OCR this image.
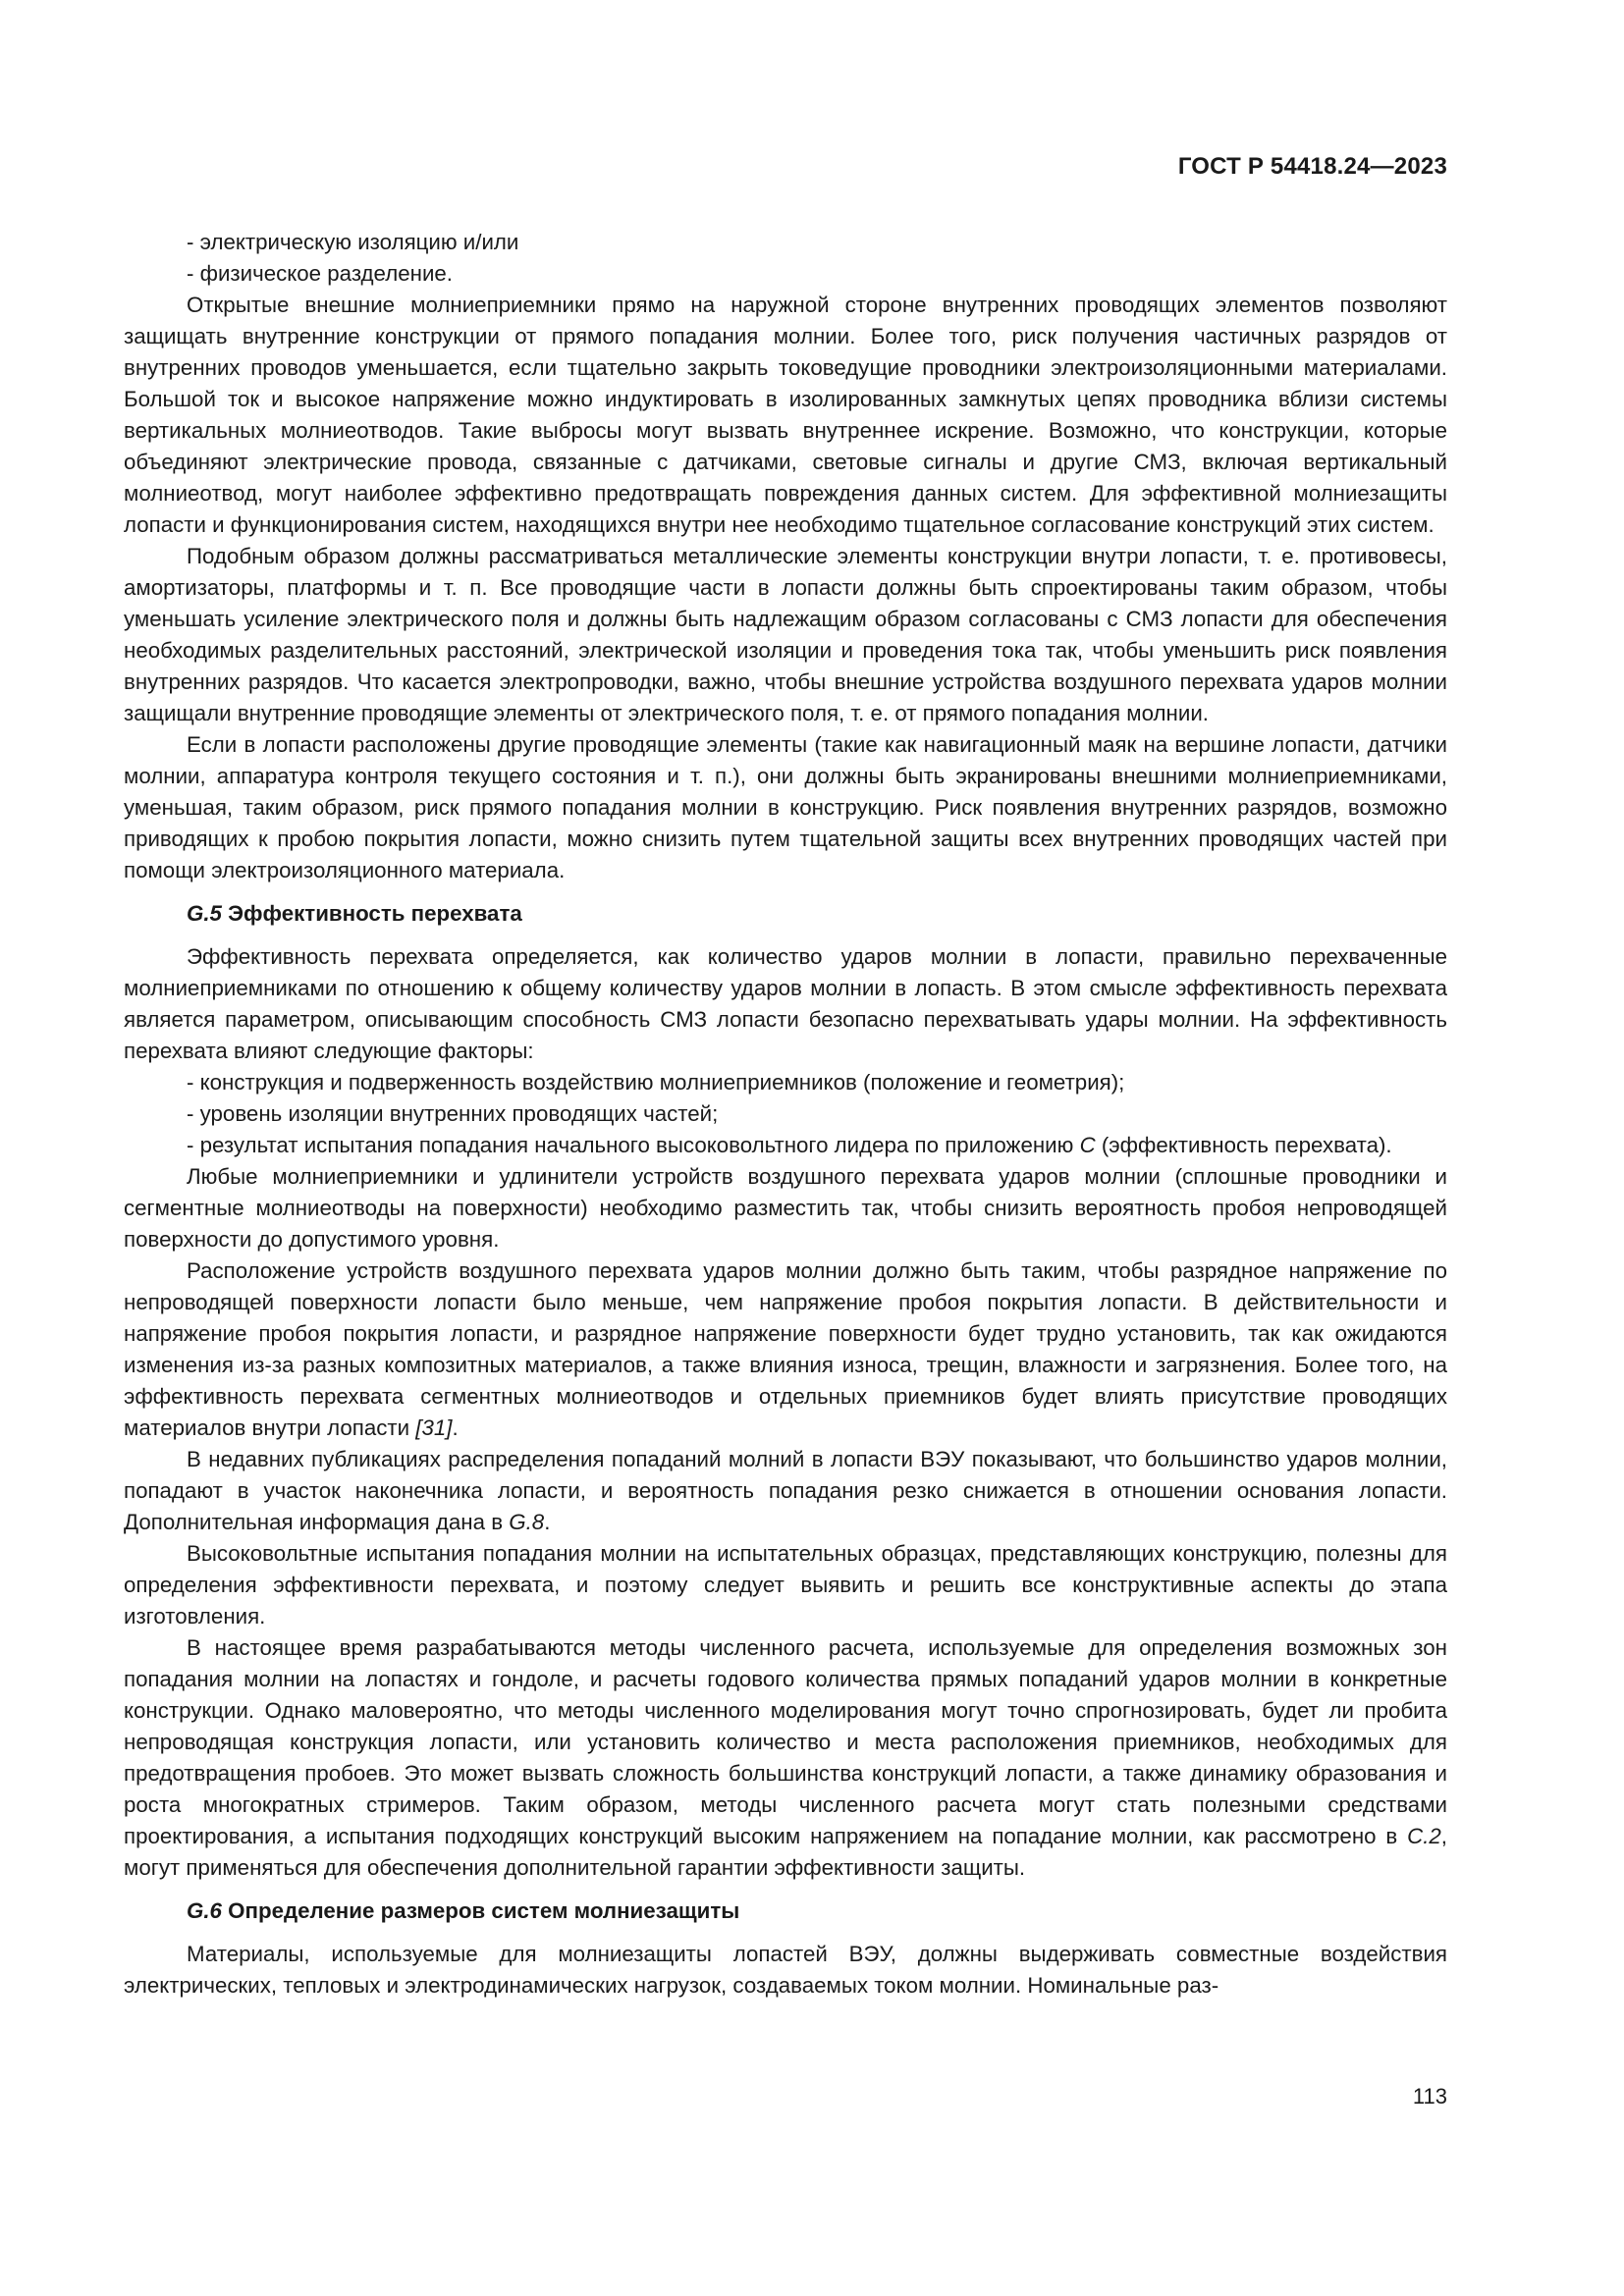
ГОСТ Р 54418.24—2023

- электрическую изоляцию и/или

- физическое разделение.

Открытые внешние молниеприемники прямо на наружной стороне внутренних проводящих элементов позволяют защищать внутренние конструкции от прямого попадания молнии. Более того, риск получения частичных разрядов от внутренних проводов уменьшается, если тщательно закрыть токоведущие проводники электроизоляционными материалами. Большой ток и высокое напряжение можно индуктировать в изолированных замкнутых цепях проводника вблизи системы вертикальных молниеотводов. Такие выбросы могут вызвать внутреннее искрение. Возможно, что конструкции, которые объединяют электрические провода, связанные с датчиками, световые сигналы и другие СМЗ, включая вертикальный молниеотвод, могут наиболее эффективно предотвращать повреждения данных систем. Для эффективной молниезащиты лопасти и функционирования систем, находящихся внутри нее необходимо тщательное согласование конструкций этих систем.

Подобным образом должны рассматриваться металлические элементы конструкции внутри лопасти, т. е. противовесы, амортизаторы, платформы и т. п. Все проводящие части в лопасти должны быть спроектированы таким образом, чтобы уменьшать усиление электрического поля и должны быть надлежащим образом согласованы с СМЗ лопасти для обеспечения необходимых разделительных расстояний, электрической изоляции и проведения тока так, чтобы уменьшить риск появления внутренних разрядов. Что касается электропроводки, важно, чтобы внешние устройства воздушного перехвата ударов молнии защищали внутренние проводящие элементы от электрического поля, т. е. от прямого попадания молнии.

Если в лопасти расположены другие проводящие элементы (такие как навигационный маяк на вершине лопасти, датчики молнии, аппаратура контроля текущего состояния и т. п.), они должны быть экранированы внешними молниеприемниками, уменьшая, таким образом, риск прямого попадания молнии в конструкцию. Риск появления внутренних разрядов, возможно приводящих к пробою покрытия лопасти, можно снизить путем тщательной защиты всех внутренних проводящих частей при помощи электроизоляционного материала.

G.5 Эффективность перехвата

Эффективность перехвата определяется, как количество ударов молнии в лопасти, правильно перехваченные молниеприемниками по отношению к общему количеству ударов молнии в лопасть. В этом смысле эффективность перехвата является параметром, описывающим способность СМЗ лопасти безопасно перехватывать удары молнии. На эффективность перехвата влияют следующие факторы:

- конструкция и подверженность воздействию молниеприемников (положение и геометрия);

- уровень изоляции внутренних проводящих частей;

- результат испытания попадания начального высоковольтного лидера по приложению C (эффективность перехвата).

Любые молниеприемники и удлинители устройств воздушного перехвата ударов молнии (сплошные проводники и сегментные молниеотводы на поверхности) необходимо разместить так, чтобы снизить вероятность пробоя непроводящей поверхности до допустимого уровня.

Расположение устройств воздушного перехвата ударов молнии должно быть таким, чтобы разрядное напряжение по непроводящей поверхности лопасти было меньше, чем напряжение пробоя покрытия лопасти. В действительности и напряжение пробоя покрытия лопасти, и разрядное напряжение поверхности будет трудно установить, так как ожидаются изменения из-за разных композитных материалов, а также влияния износа, трещин, влажности и загрязнения. Более того, на эффективность перехвата сегментных молниеотводов и отдельных приемников будет влиять присутствие проводящих материалов внутри лопасти [31].

В недавних публикациях распределения попаданий молний в лопасти ВЭУ показывают, что большинство ударов молнии, попадают в участок наконечника лопасти, и вероятность попадания резко снижается в отношении основания лопасти. Дополнительная информация дана в G.8.

Высоковольтные испытания попадания молнии на испытательных образцах, представляющих конструкцию, полезны для определения эффективности перехвата, и поэтому следует выявить и решить все конструктивные аспекты до этапа изготовления.

В настоящее время разрабатываются методы численного расчета, используемые для определения возможных зон попадания молнии на лопастях и гондоле, и расчеты годового количества прямых попаданий ударов молнии в конкретные конструкции. Однако маловероятно, что методы численного моделирования могут точно спрогнозировать, будет ли пробита непроводящая конструкция лопасти, или установить количество и места расположения приемников, необходимых для предотвращения пробоев. Это может вызвать сложность большинства конструкций лопасти, а также динамику образования и роста многократных стримеров. Таким образом, методы численного расчета могут стать полезными средствами проектирования, а испытания подходящих конструкций высоким напряжением на попадание молнии, как рассмотрено в C.2, могут применяться для обеспечения дополнительной гарантии эффективности защиты.

G.6 Определение размеров систем молниезащиты

Материалы, используемые для молниезащиты лопастей ВЭУ, должны выдерживать совместные воздействия электрических, тепловых и электродинамических нагрузок, создаваемых током молнии. Номинальные раз-

113
